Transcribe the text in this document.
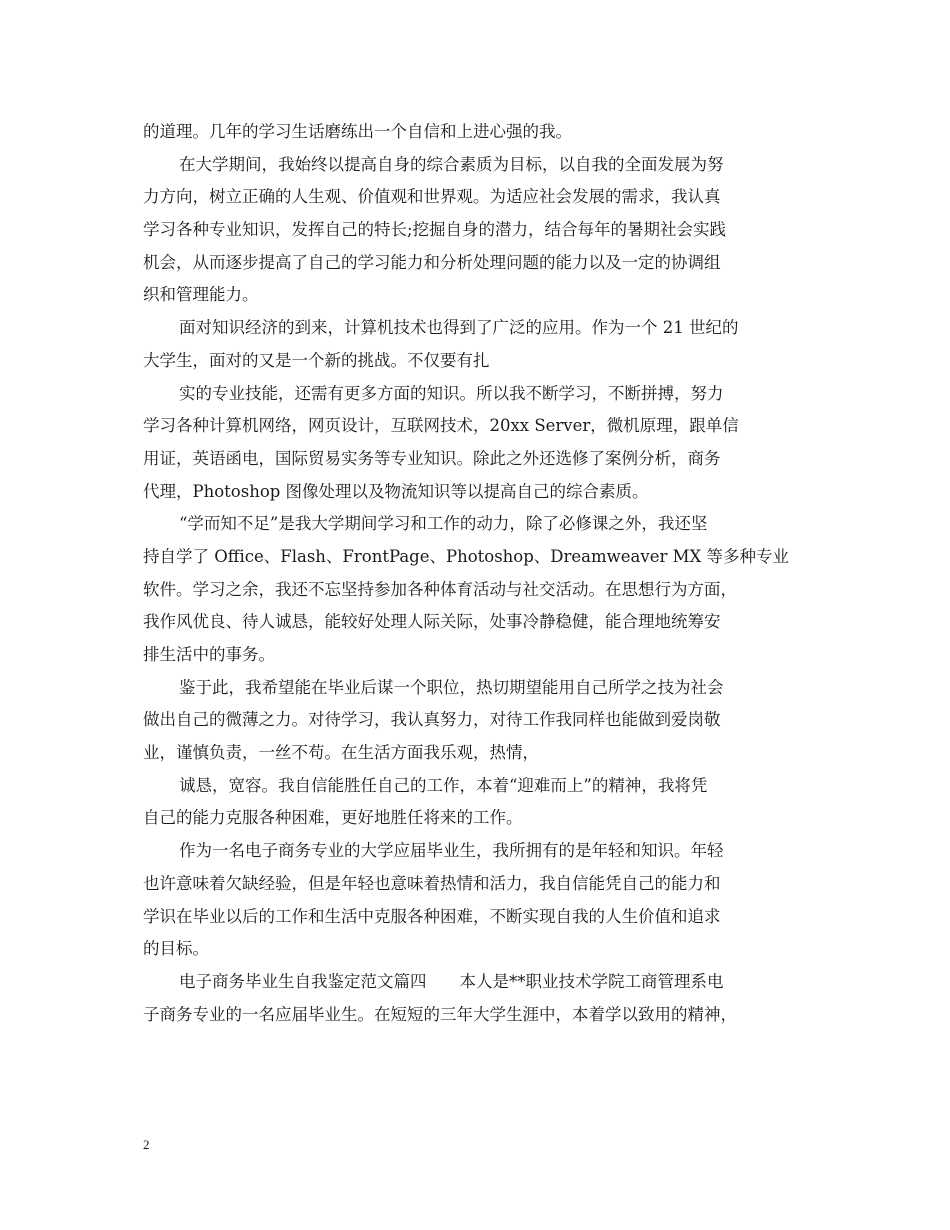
的道理。几年的学习生话磨练出一个自信和上进心强的我。
在大学期间，我始终以提高自身的综合素质为目标，以自我的全面发展为努
力方向，树立正确的人生观、价值观和世界观。为适应社会发展的需求，我认真
学习各种专业知识，发挥自己的特长;挖掘自身的潜力，结合每年的暑期社会实践
机会，从而逐步提高了自己的学习能力和分析处理问题的能力以及一定的协调组
织和管理能力。
面对知识经济的到来，计算机技术也得到了广泛的应用。作为一个 21 世纪的
大学生，面对的又是一个新的挑战。不仅要有扎
实的专业技能，还需有更多方面的知识。所以我不断学习，不断拼搏，努力
学习各种计算机网络，网页设计，互联网技术，20xx Server，微机原理，跟单信
用证，英语函电，国际贸易实务等专业知识。除此之外还选修了案例分析，商务
代理，Photoshop 图像处理以及物流知识等以提高自己的综合素质。
“学而知不足”是我大学期间学习和工作的动力，除了必修课之外，我还坚
持自学了 Office、Flash、FrontPage、Photoshop、Dreamweaver MX 等多种专业
软件。学习之余，我还不忘坚持参加各种体育活动与社交活动。在思想行为方面，
我作风优良、待人诚恳，能较好处理人际关际，处事冷静稳健，能合理地统筹安
排生活中的事务。
鉴于此，我希望能在毕业后谋一个职位，热切期望能用自己所学之技为社会
做出自己的微薄之力。对待学习，我认真努力，对待工作我同样也能做到爱岗敬
业，谨慎负责，一丝不苟。在生活方面我乐观，热情，
诚恳，宽容。我自信能胜任自己的工作，本着“迎难而上”的精神，我将凭
自己的能力克服各种困难，更好地胜任将来的工作。
作为一名电子商务专业的大学应届毕业生，我所拥有的是年轻和知识。年轻
也许意味着欠缺经验，但是年轻也意味着热情和活力，我自信能凭自己的能力和
学识在毕业以后的工作和生活中克服各种困难，不断实现自我的人生价值和追求
的目标。
电子商务毕业生自我鉴定范文篇四　　本人是**职业技术学院工商管理系电
子商务专业的一名应届毕业生。在短短的三年大学生涯中，本着学以致用的精神，
2
